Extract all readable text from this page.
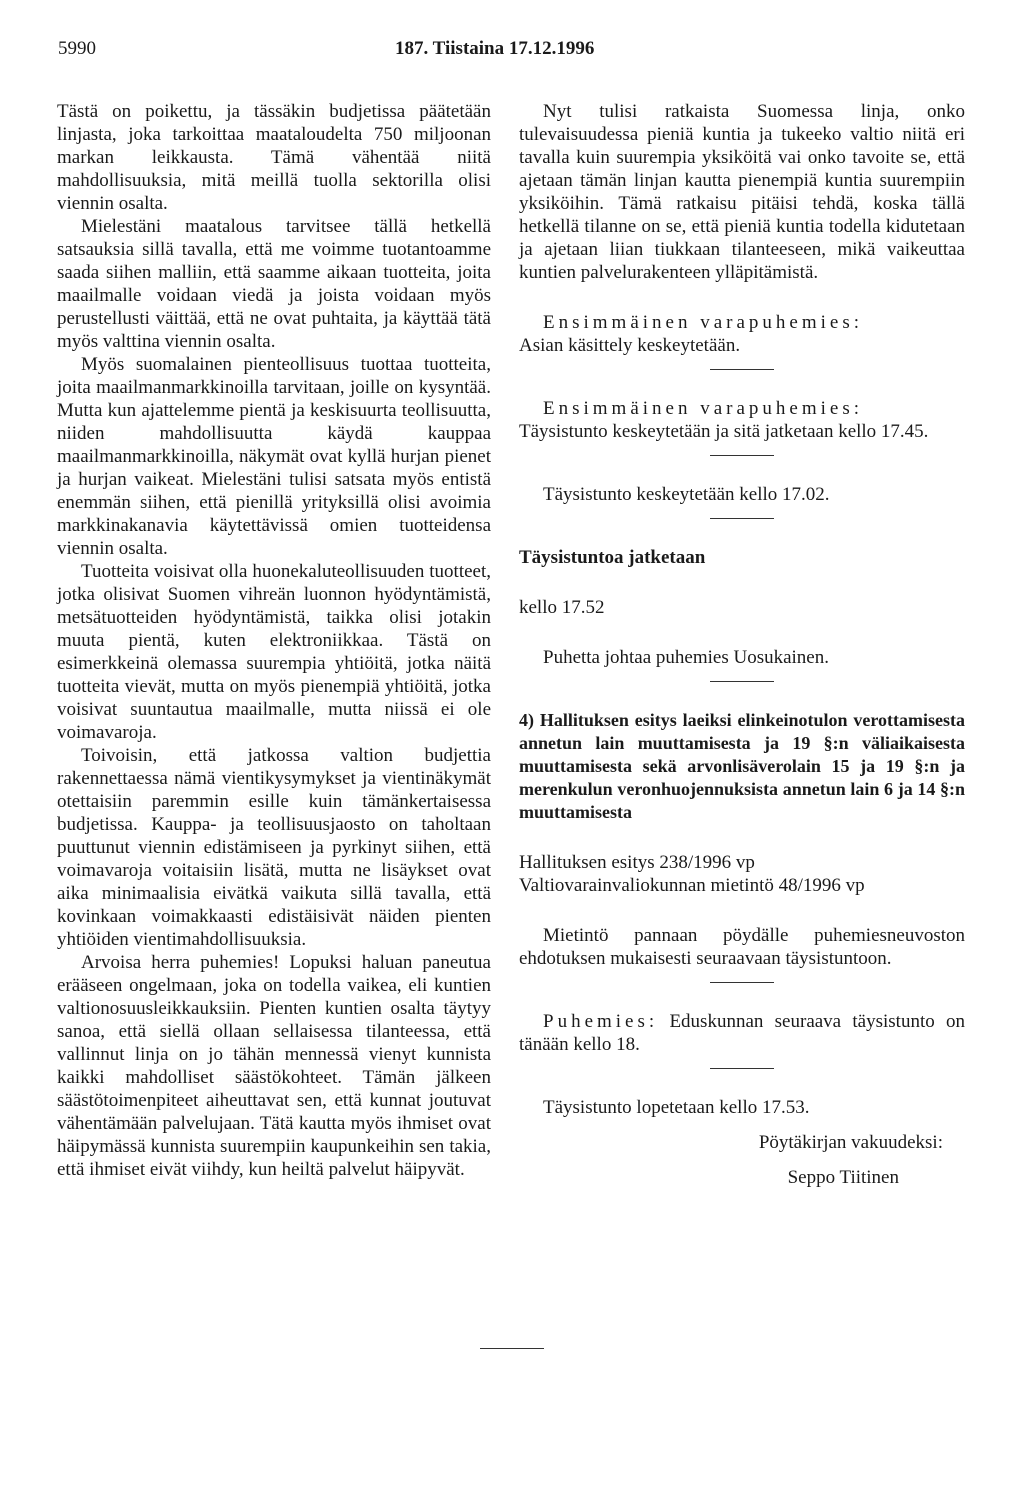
5990	187. Tiistaina 17.12.1996

Tästä on poikettu, ja tässäkin budjetissa päätetään linjasta, joka tarkoittaa maataloudelta 750 miljoonan markan leikkausta. Tämä vähentää niitä mahdollisuuksia, mitä meillä tuolla sektorilla olisi viennin osalta.

Mielestäni maatalous tarvitsee tällä hetkellä satsauksia sillä tavalla, että me voimme tuotantoamme saada siihen malliin, että saamme aikaan tuotteita, joita maailmalle voidaan viedä ja joista voidaan myös perustellusti väittää, että ne ovat puhtaita, ja käyttää tätä myös valttina viennin osalta.

Myös suomalainen pienteollisuus tuottaa tuotteita, joita maailmanmarkkinoilla tarvitaan, joille on kysyntää. Mutta kun ajattelemme pientä ja keskisuurta teollisuutta, niiden mahdollisuutta käydä kauppaa maailmanmarkkinoilla, näkymät ovat kyllä hurjan pienet ja hurjan vaikeat. Mielestäni tulisi satsata myös entistä enemmän siihen, että pienillä yrityksillä olisi avoimia markkinakanavia käytettävissä omien tuotteidensa viennin osalta.

Tuotteita voisivat olla huonekaluteollisuuden tuotteet, jotka olisivat Suomen vihreän luonnon hyödyntämistä, metsätuotteiden hyödyntämistä, taikka olisi jotakin muuta pientä, kuten elektroniikkaa. Tästä on esimerkkeinä olemassa suurempia yhtiöitä, jotka näitä tuotteita vievät, mutta on myös pienempiä yhtiöitä, jotka voisivat suuntautua maailmalle, mutta niissä ei ole voimavaroja.

Toivoisin, että jatkossa valtion budjettia rakennettaessa nämä vientikysymykset ja vientinäkymät otettaisiin paremmin esille kuin tämänkertaisessa budjetissa. Kauppa- ja teollisuusjaosto on taholtaan puuttunut viennin edistämiseen ja pyrkinyt siihen, että voimavaroja voitaisiin lisätä, mutta ne lisäykset ovat aika minimaalisia eivätkä vaikuta sillä tavalla, että kovinkaan voimakkaasti edistäisivät näiden pienten yhtiöiden vientimahdollisuuksia.

Arvoisa herra puhemies! Lopuksi haluan paneutua erääseen ongelmaan, joka on todella vaikea, eli kuntien valtionosuusleikkauksiin. Pienten kuntien osalta täytyy sanoa, että siellä ollaan sellaisessa tilanteessa, että vallinnut linja on jo tähän mennessä vienyt kunnista kaikki mahdolliset säästökohteet. Tämän jälkeen säästötoimenpiteet aiheuttavat sen, että kunnat joutuvat vähentämään palvelujaan. Tätä kautta myös ihmiset ovat häipymässä kunnista suurempiin kaupunkeihin sen takia, että ihmiset eivät viihdy, kun heiltä palvelut häipyvät.

Nyt tulisi ratkaista Suomessa linja, onko tulevaisuudessa pieniä kuntia ja tukeeko valtio niitä eri tavalla kuin suurempia yksiköitä vai onko tavoite se, että ajetaan tämän linjan kautta pienempiä kuntia suurempiin yksiköihin. Tämä ratkaisu pitäisi tehdä, koska tällä hetkellä tilanne on se, että pieniä kuntia todella kidutetaan ja ajetaan liian tiukkaan tilanteeseen, mikä vaikeuttaa kuntien palvelurakenteen ylläpitämistä.

Ensimmäinen varapuhemies:

Asian käsittely keskeytetään.

Ensimmäinen varapuhemies:

Täysistunto keskeytetään ja sitä jatketaan kello 17.45.

Täysistunto keskeytetään kello 17.02.

Täysistuntoa jatketaan

kello 17.52

Puhetta johtaa puhemies Uosukainen.

4) Hallituksen esitys laeiksi elinkeinotulon verottamisesta annetun lain muuttamisesta ja 19 §:n väliaikaisesta muuttamisesta sekä arvonlisäverolain 15 ja 19 §:n ja merenkulun veronhuojennuksista annetun lain 6 ja 14 §:n muuttamisesta

Hallituksen esitys 238/1996 vp

Valtiovarainvaliokunnan mietintö 48/1996 vp

Mietintö pannaan pöydälle puhemiesneuvoston ehdotuksen mukaisesti seuraavaan täysistuntoon.

Puhemies: Eduskunnan seuraava täysistunto on tänään kello 18.

Täysistunto lopetetaan kello 17.53.

Pöytäkirjan vakuudeksi:

Seppo Tiitinen
